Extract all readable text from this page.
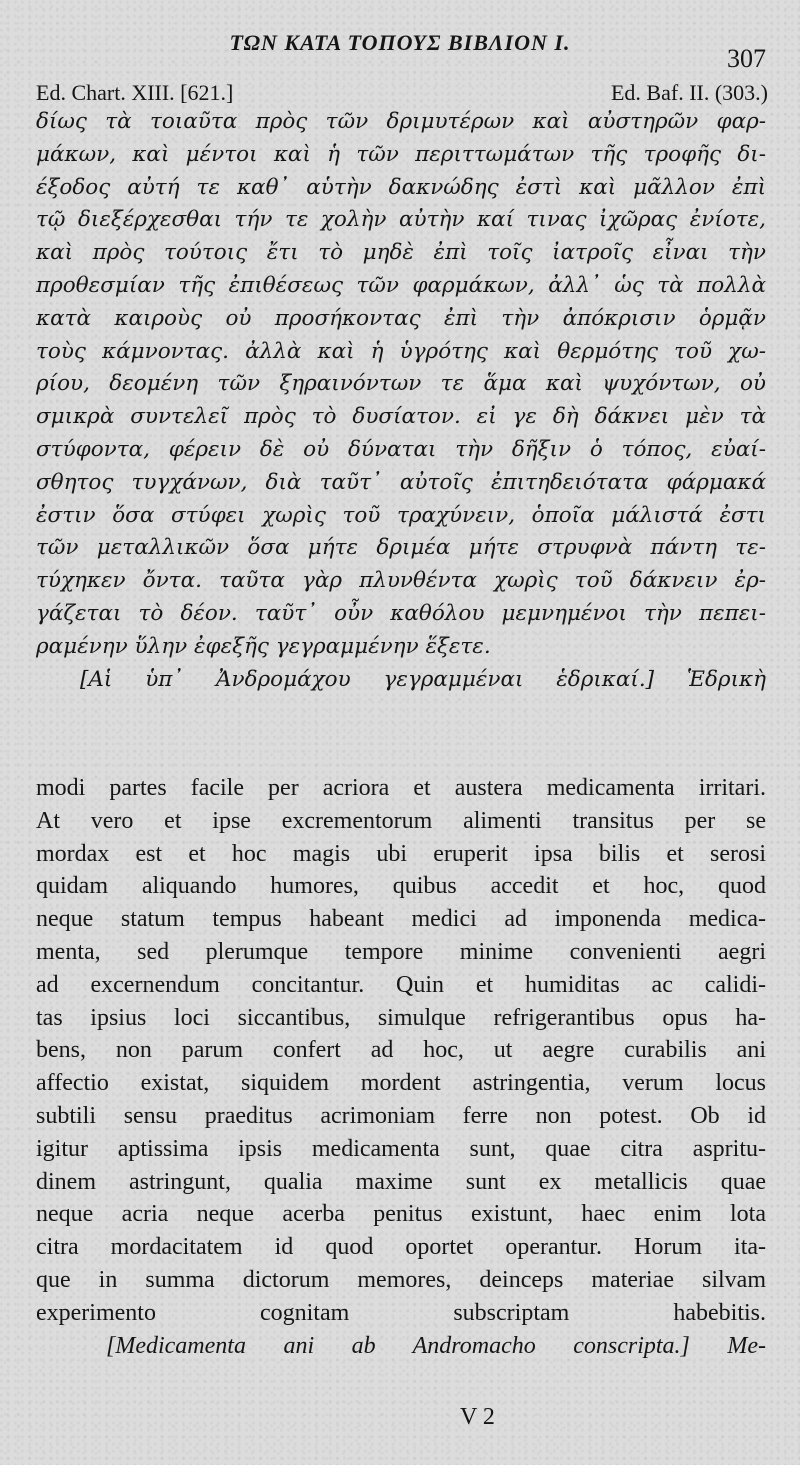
ΤΩΝ ΚΑΤΑ ΤΟΠΟΥΣ ΒΙΒΛΙΟΝ Ι.
307
Ed. Chart. XIII. [621.]	Ed. Baf. II. (303.)
δίως τὰ τοιαῦτα πρὸς τῶν δριμυτέρων καὶ αὐστηρῶν φαρ-
μάκων, καὶ μέντοι καὶ ἡ τῶν περιττωμάτων τῆς τροφῆς δι-
έξοδος αὐτή τε καθ᾽ αὑτὴν δακνώδης ἐστὶ καὶ μᾶλλον ἐπὶ
τῷ διεξέρχεσθαι τήν τε χολὴν αὐτὴν καί τινας ἰχῶρας ἐνίοτε,
καὶ πρὸς τούτοις ἔτι τὸ μηδὲ ἐπὶ τοῖς ἰατροῖς εἶναι τὴν
προθεσμίαν τῆς ἐπιθέσεως τῶν φαρμάκων, ἀλλ᾽ ὡς τὰ πολλὰ
κατὰ καιροὺς οὐ προσήκοντας ἐπὶ τὴν ἀπόκρισιν ὁρμᾷν
τοὺς κάμνοντας. ἀλλὰ καὶ ἡ ὑγρότης καὶ θερμότης τοῦ χω-
ρίου, δεομένη τῶν ξηραινόντων τε ἅμα καὶ ψυχόντων, οὐ
σμικρὰ συντελεῖ πρὸς τὸ δυσίατον. εἰ γε δὴ δάκνει μὲν τὰ
στύφοντα, φέρειν δὲ οὐ δύναται τὴν δῆξιν ὁ τόπος, εὐαί-
σθητος τυγχάνων, διὰ ταῦτ᾽ αὐτοῖς ἐπιτηδειότατα φάρμακά
ἐστιν ὅσα στύφει χωρὶς τοῦ τραχύνειν, ὁποῖα μάλιστά ἐστι
τῶν μεταλλικῶν ὅσα μήτε δριμέα μήτε στρυφνὰ πάντη τε-
τύχηκεν ὄντα. ταῦτα γὰρ πλυνθέντα χωρὶς τοῦ δάκνειν ἐρ-
γάζεται τὸ δέον. ταῦτ᾽ οὖν καθόλου μεμνημένοι τὴν πεπει-
ραμένην ὕλην ἐφεξῆς γεγραμμένην ἕξετε.
[Αἱ ὑπ᾽ Ἀνδρομάχου γεγραμμέναι ἑδρικαί.] Ἑδρικὴ
modi partes facile per acriora et austera medicamenta irritari.
At vero et ipse excrementorum alimenti transitus per se
mordax est et hoc magis ubi eruperit ipsa bilis et serosi
quidam aliquando humores, quibus accedit et hoc, quod
neque statum tempus habeant medici ad imponenda medica-
menta, sed plerumque tempore minime convenienti aegri
ad excernendum concitantur. Quin et humiditas ac calidi-
tas ipsius loci siccantibus, simulque refrigerantibus opus ha-
bens, non parum confert ad hoc, ut aegre curabilis ani
affectio existat, siquidem mordent astringentia, verum locus
subtili sensu praeditus acrimoniam ferre non potest. Ob id
igitur aptissima ipsis medicamenta sunt, quae citra aspritu-
dinem astringunt, qualia maxime sunt ex metallicis quae
neque acria neque acerba penitus existunt, haec enim lota
citra mordacitatem id quod oportet operantur. Horum ita-
que in summa dictorum memores, deinceps materiae silvam
experimento cognitam subscriptam habebitis.
[Medicamenta ani ab Andromacho conscripta.] Me-
V 2
